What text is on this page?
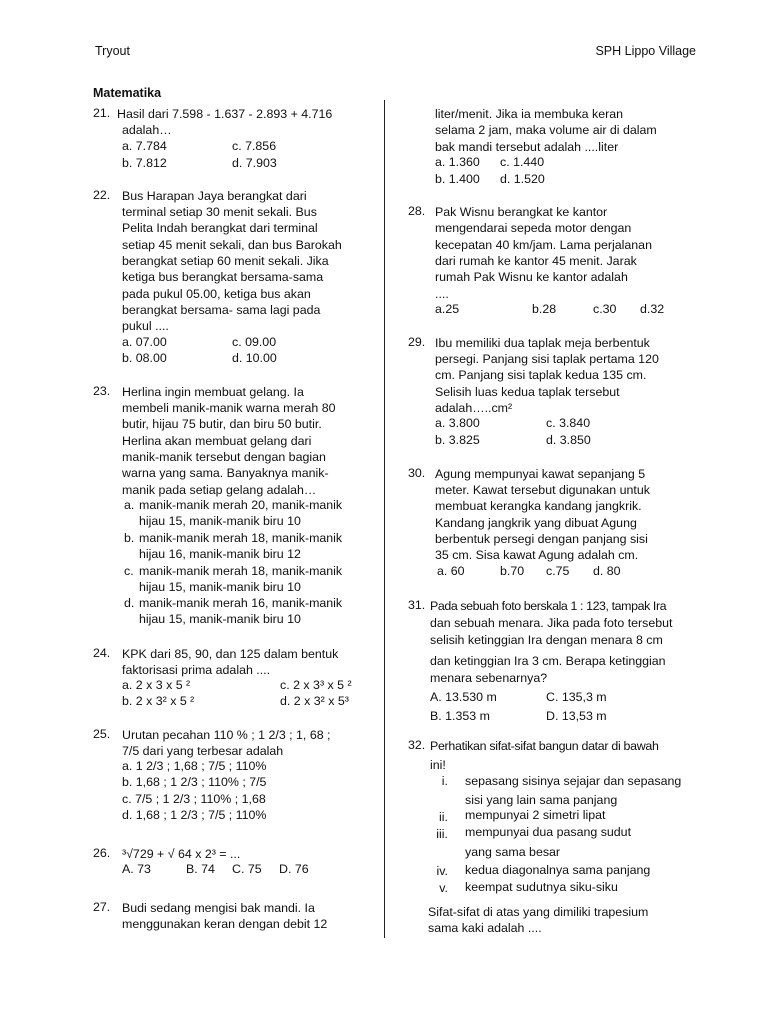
Tryout	SPH Lippo Village
Matematika
21. Hasil dari 7.598 - 1.637 - 2.893 + 4.716
adalah…
a. 7.784	c. 7.856
b. 7.812	d. 7.903
22. Bus Harapan Jaya berangkat dari
terminal setiap 30 menit sekali. Bus
Pelita Indah berangkat dari terminal
setiap 45 menit sekali, dan bus Barokah
berangkat setiap 60 menit sekali. Jika
ketiga bus berangkat bersama-sama
pada pukul 05.00, ketiga bus akan
berangkat bersama- sama lagi pada
pukul ....
a. 07.00	c. 09.00
b. 08.00	d. 10.00
23. Herlina ingin membuat gelang. Ia
membeli manik-manik warna merah 80
butir, hijau 75 butir, dan biru 50 butir.
Herlina akan membuat gelang dari
manik-manik tersebut dengan bagian
warna yang sama. Banyaknya manik-
manik pada setiap gelang adalah…
a. manik-manik merah 20, manik-manik
hijau 15, manik-manik biru 10
b. manik-manik merah 18, manik-manik
hijau 16, manik-manik biru 12
c. manik-manik merah 18, manik-manik
hijau 15, manik-manik biru 10
d. manik-manik merah 16, manik-manik
hijau 15, manik-manik biru 10
24. KPK dari 85, 90, dan 125 dalam bentuk
faktorisasi prima adalah ....
a. 2 x 3 x 5 ²	c. 2 x 3³ x 5 ²
b. 2 x 3² x 5 ²	d. 2 x 3² x 5³
25. Urutan pecahan 110 % ; 1 2/3 ; 1, 68 ;
7/5 dari yang terbesar adalah
a. 1 2/3 ; 1,68 ; 7/5 ; 110%
b. 1,68 ; 1 2/3 ; 110% ; 7/5
c. 7/5 ; 1 2/3 ; 110% ; 1,68
d. 1,68 ; 1 2/3 ; 7/5 ; 110%
26. ³√729 + √ 64 x 2³ = ...
A. 73	B. 74 C. 75 D. 76
27. Budi sedang mengisi bak mandi. Ia
menggunakan keran dengan debit 12
liter/menit. Jika ia membuka keran
selama 2 jam, maka volume air di dalam
bak mandi tersebut adalah ....liter
a. 1.360 c. 1.440
b. 1.400 d. 1.520
28. Pak Wisnu berangkat ke kantor
mengendarai sepeda motor dengan
kecepatan 40 km/jam. Lama perjalanan
dari rumah ke kantor 45 menit. Jarak
rumah Pak Wisnu ke kantor adalah
....
a.25	b.28	c.30 d.32
29. Ibu memiliki dua taplak meja berbentuk
persegi. Panjang sisi taplak pertama 120
cm. Panjang sisi taplak kedua 135 cm.
Selisih luas kedua taplak tersebut
adalah…..cm²
a. 3.800	c. 3.840
b. 3.825	d. 3.850
30. Agung mempunyai kawat sepanjang 5
meter. Kawat tersebut digunakan untuk
membuat kerangka kandang jangkrik.
Kandang jangkrik yang dibuat Agung
berbentuk persegi dengan panjang sisi
35 cm. Sisa kawat Agung adalah cm.
a. 60	b.70 c.75 d. 80
31. Pada sebuah foto berskala 1 : 123, tampak Ira
dan sebuah menara. Jika pada foto tersebut
selisih ketinggian Ira dengan menara 8 cm
dan ketinggian Ira 3 cm. Berapa ketinggian
menara sebenarnya?
A. 13.530 m	C. 135,3 m
B. 1.353 m	D. 13,53 m
32. Perhatikan sifat-sifat bangun datar di bawah
ini!
i. sepasang sisinya sejajar dan sepasang
sisi yang lain sama panjang
ii. mempunyai 2 simetri lipat
iii. mempunyai dua pasang sudut
yang sama besar
iv. kedua diagonalnya sama panjang
v. keempat sudutnya siku-siku
Sifat-sifat di atas yang dimiliki trapesium
sama kaki adalah ....
